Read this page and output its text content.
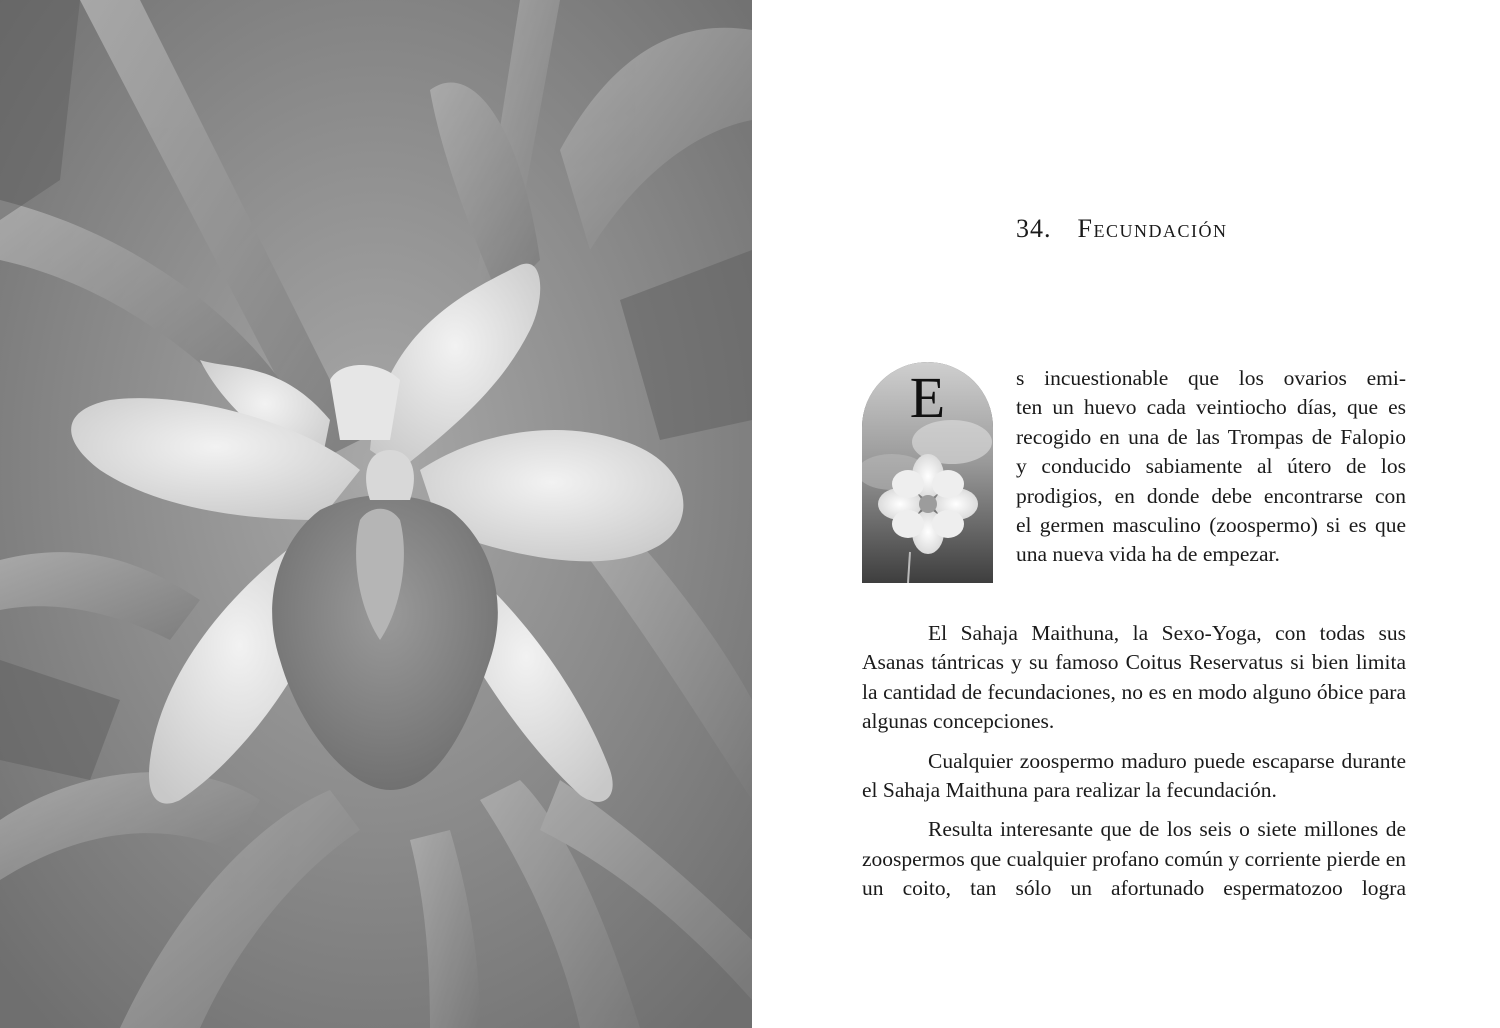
34. Fecundación
E	s incuestionable que los ovarios emi-
ten un huevo cada veintiocho días, que es
recogido en una de las Trompas de Falopio
y conducido sabiamente al útero de los
prodigios, en donde debe encontrarse con
el germen masculino (zoospermo) si es que
una nueva vida ha de empezar.

El Sahaja Maithuna, la Sexo-Yoga, con todas sus Asanas tántricas y su famoso Coitus Reservatus si bien limita la cantidad de fecundaciones, no es en modo alguno óbice para algunas concepciones.

Cualquier zoospermo maduro puede escaparse durante el Sahaja Maithuna para realizar la fecundación.

Resulta interesante que de los seis o siete millones de zoospermos que cualquier profano común y corriente pierde en un coito, tan sólo un afortunado espermatozoo logra
